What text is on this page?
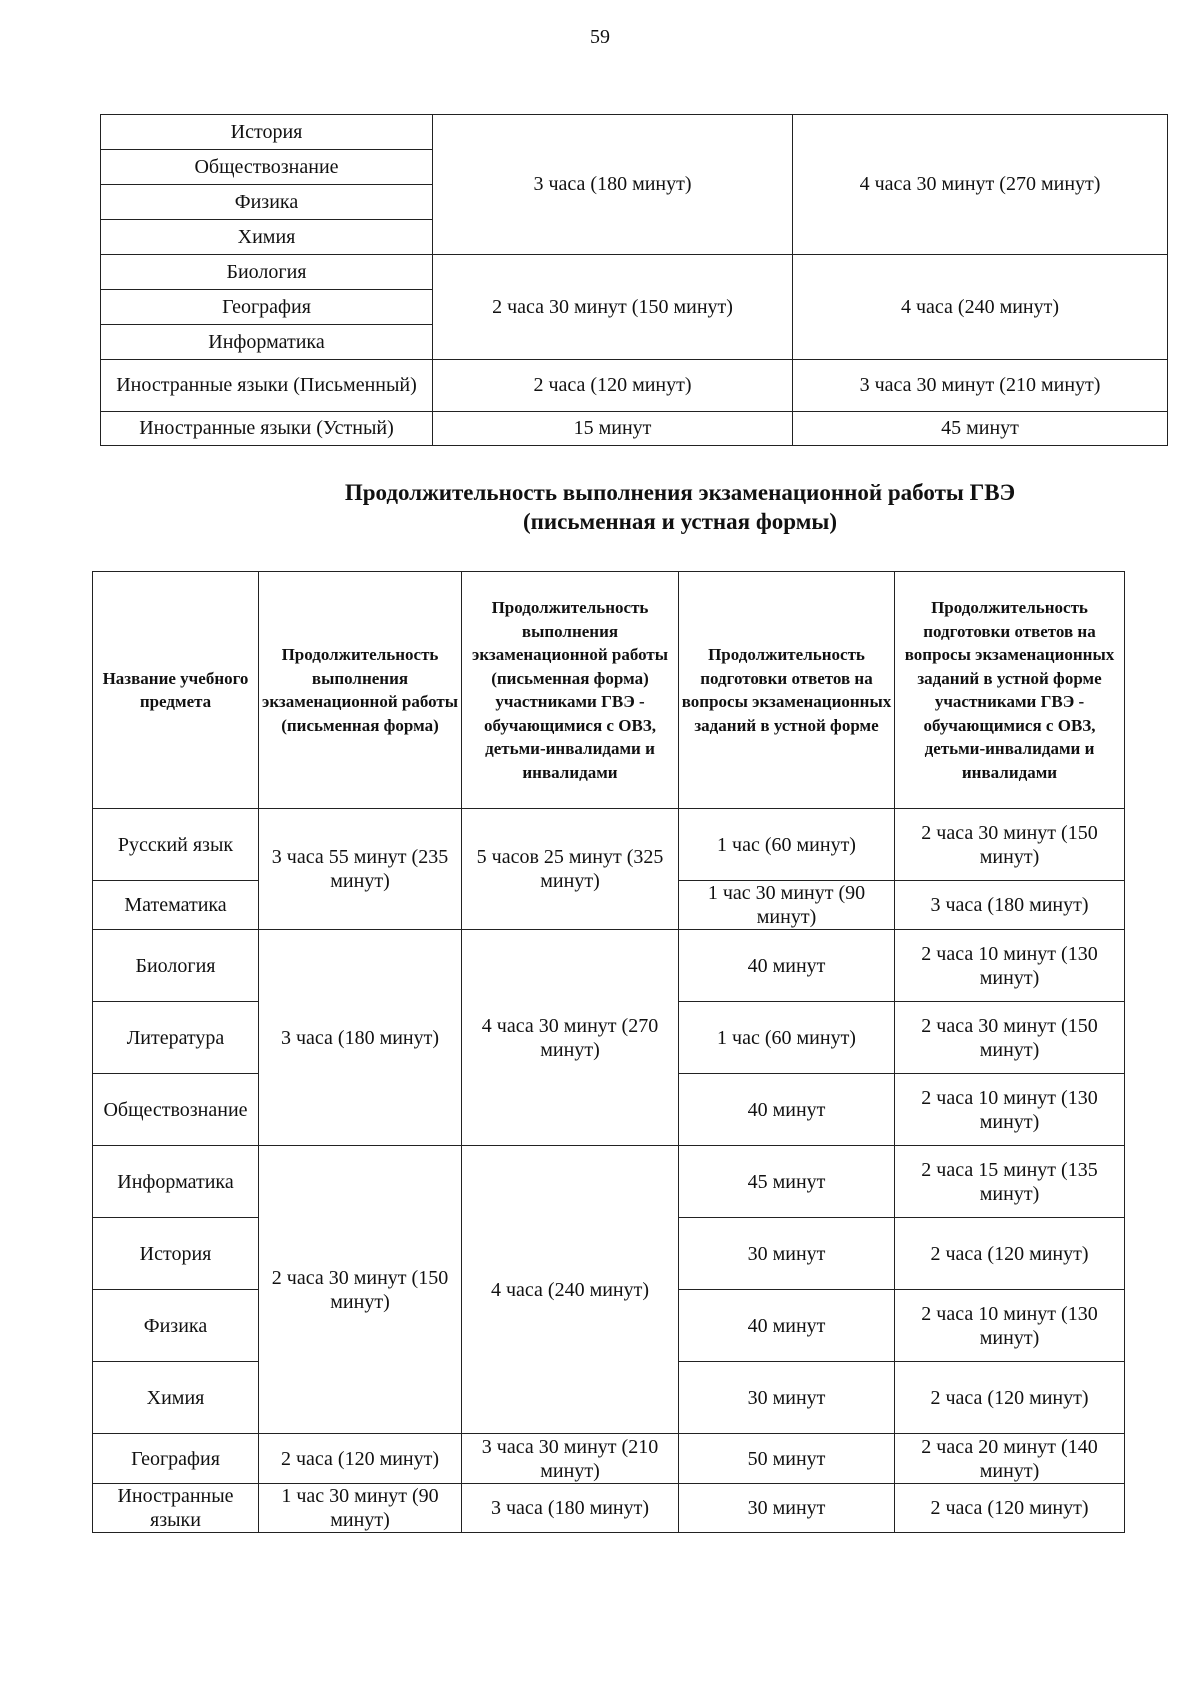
59
История	3 часа (180 минут)	4 часа 30 минут (270 минут)
Обществознание		
Физика		
Химия		
Биология	2 часа 30 минут (150 минут)	4 часа (240 минут)
География		
Информатика		
Иностранные языки (Письменный)	2 часа (120 минут)	3 часа 30 минут (210 минут)
Иностранные языки (Устный)	15 минут	45 минут
Продолжительность выполнения экзаменационной работы ГВЭ
(письменная и устная формы)
Название учебного предмета	Продолжительность выполнения экзаменационной работы (письменная форма)	Продолжительность выполнения экзаменационной работы (письменная форма) участниками ГВЭ - обучающимися с ОВЗ, детьми-инвалидами и инвалидами	Продолжительность подготовки ответов на вопросы экзаменационных заданий в устной форме	Продолжительность подготовки ответов на вопросы экзаменационных заданий в устной форме участниками ГВЭ - обучающимися с ОВЗ, детьми-инвалидами и инвалидами
Русский язык	3 часа 55 минут (235 минут)	5 часов 25 минут (325 минут)	1 час (60 минут)	2 часа 30 минут (150 минут)
Математика			1 час 30 минут (90 минут)	3 часа (180 минут)
Биология	3 часа (180 минут)	4 часа 30 минут (270 минут)	40 минут	2 часа 10 минут (130 минут)
Литература			1 час (60 минут)	2 часа 30 минут (150 минут)
Обществознание			40 минут	2 часа 10 минут (130 минут)
Информатика	2 часа 30 минут (150 минут)	4 часа (240 минут)	45 минут	2 часа 15 минут (135 минут)
История			30 минут	2 часа (120 минут)
Физика			40 минут	2 часа 10 минут (130 минут)
Химия			30 минут	2 часа (120 минут)
География	2 часа (120 минут)	3 часа 30 минут (210 минут)	50 минут	2 часа 20 минут (140 минут)
Иностранные языки	1 час 30 минут (90 минут)	3 часа (180 минут)	30 минут	2 часа (120 минут)
